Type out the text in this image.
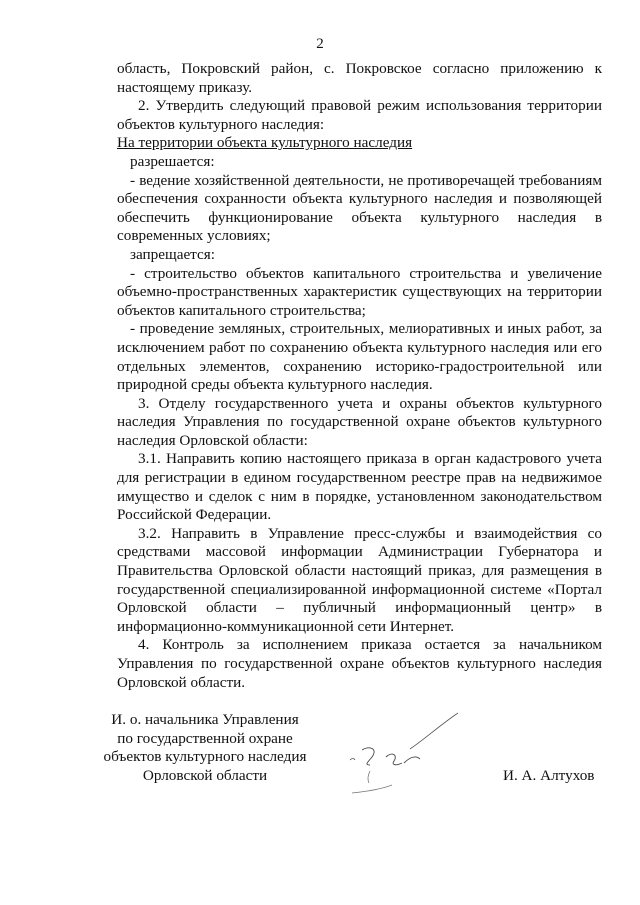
2

область, Покровский район, с. Покровское согласно приложению к настоящему приказу.

2. Утвердить следующий правовой режим использования территории объектов культурного наследия:

На территории объекта культурного наследия

разрешается:

- ведение хозяйственной деятельности, не противоречащей требованиям обеспечения сохранности объекта культурного наследия и позволяющей обеспечить функционирование объекта культурного наследия в современных условиях;

запрещается:

- строительство объектов капитального строительства и увеличение объемно-пространственных характеристик существующих на территории объектов капитального строительства;

- проведение земляных, строительных, мелиоративных и иных работ, за исключением работ по сохранению объекта культурного наследия или его отдельных элементов, сохранению историко-градостроительной или природной среды объекта культурного наследия.

3. Отделу государственного учета и охраны объектов культурного наследия Управления по государственной охране объектов культурного наследия Орловской области:

3.1. Направить копию настоящего приказа в орган кадастрового учета для регистрации в едином государственном реестре прав на недвижимое имущество и сделок с ним в порядке, установленном законодательством Российской Федерации.

3.2. Направить в Управление пресс-службы и взаимодействия со средствами массовой информации Администрации Губернатора и Правительства Орловской области настоящий приказ, для размещения в государственной специализированной информационной системе «Портал Орловской области – публичный информационный центр» в информационно-коммуникационной сети Интернет.

4. Контроль за исполнением приказа остается за начальником Управления по государственной охране объектов культурного наследия Орловской области.

И. о. начальника Управления
по государственной охране
объектов культурного наследия
Орловской области	И. А. Алтухов
